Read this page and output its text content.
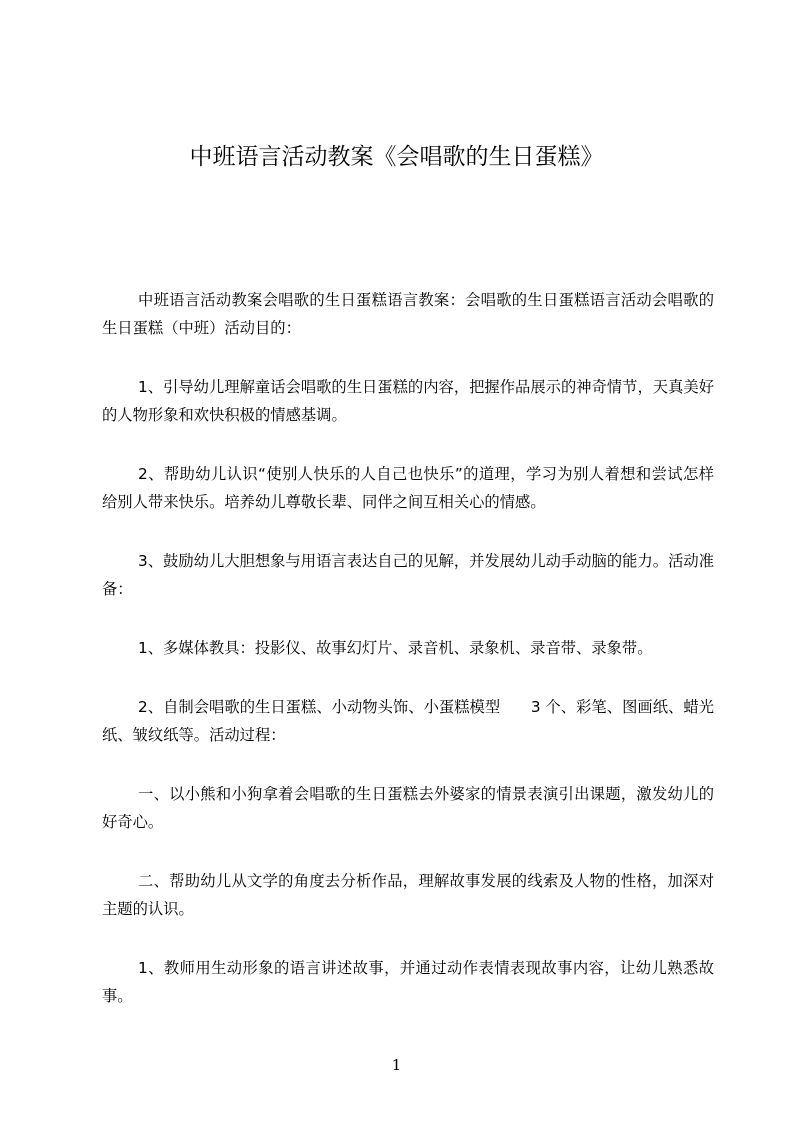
中班语言活动教案《会唱歌的生日蛋糕》

中班语言活动教案会唱歌的生日蛋糕语言教案：会唱歌的生日蛋糕语言活动会唱歌的生日蛋糕（中班）活动目的：

1、引导幼儿理解童话会唱歌的生日蛋糕的内容，把握作品展示的神奇情节，天真美好的人物形象和欢快积极的情感基调。

2、帮助幼儿认识“使别人快乐的人自己也快乐”的道理，学习为别人着想和尝试怎样给别人带来快乐。培养幼儿尊敬长辈、同伴之间互相关心的情感。

3、鼓励幼儿大胆想象与用语言表达自己的见解，并发展幼儿动手动脑的能力。活动准备：

1、多媒体教具：投影仪、故事幻灯片、录音机、录象机、录音带、录象带。

2、自制会唱歌的生日蛋糕、小动物头饰、小蛋糕模型　　3 个、彩笔、图画纸、蜡光纸、皱纹纸等。活动过程：

一、以小熊和小狗拿着会唱歌的生日蛋糕去外婆家的情景表演引出课题，激发幼儿的好奇心。

二、帮助幼儿从文学的角度去分析作品，理解故事发展的线索及人物的性格，加深对主题的认识。

1、教师用生动形象的语言讲述故事，并通过动作表情表现故事内容，让幼儿熟悉故事。

1
